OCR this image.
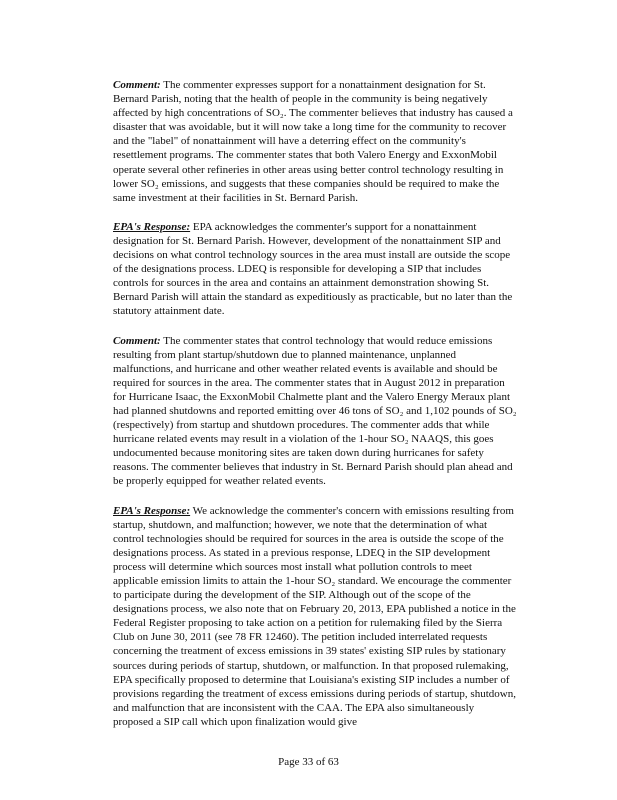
Comment: The commenter expresses support for a nonattainment designation for St. Bernard Parish, noting that the health of people in the community is being negatively affected by high concentrations of SO₂. The commenter believes that industry has caused a disaster that was avoidable, but it will now take a long time for the community to recover and the "label" of nonattainment will have a deterring effect on the community's resettlement programs. The commenter states that both Valero Energy and ExxonMobil operate several other refineries in other areas using better control technology resulting in lower SO₂ emissions, and suggests that these companies should be required to make the same investment at their facilities in St. Bernard Parish.

EPA's Response: EPA acknowledges the commenter's support for a nonattainment designation for St. Bernard Parish. However, development of the nonattainment SIP and decisions on what control technology sources in the area must install are outside the scope of the designations process. LDEQ is responsible for developing a SIP that includes controls for sources in the area and contains an attainment demonstration showing St. Bernard Parish will attain the standard as expeditiously as practicable, but no later than the statutory attainment date.

Comment: The commenter states that control technology that would reduce emissions resulting from plant startup/shutdown due to planned maintenance, unplanned malfunctions, and hurricane and other weather related events is available and should be required for sources in the area. The commenter states that in August 2012 in preparation for Hurricane Isaac, the ExxonMobil Chalmette plant and the Valero Energy Meraux plant had planned shutdowns and reported emitting over 46 tons of SO₂ and 1,102 pounds of SO₂ (respectively) from startup and shutdown procedures. The commenter adds that while hurricane related events may result in a violation of the 1-hour SO₂ NAAQS, this goes undocumented because monitoring sites are taken down during hurricanes for safety reasons. The commenter believes that industry in St. Bernard Parish should plan ahead and be properly equipped for weather related events.

EPA's Response: We acknowledge the commenter's concern with emissions resulting from startup, shutdown, and malfunction; however, we note that the determination of what control technologies should be required for sources in the area is outside the scope of the designations process. As stated in a previous response, LDEQ in the SIP development process will determine which sources most install what pollution controls to meet applicable emission limits to attain the 1-hour SO₂ standard. We encourage the commenter to participate during the development of the SIP. Although out of the scope of the designations process, we also note that on February 20, 2013, EPA published a notice in the Federal Register proposing to take action on a petition for rulemaking filed by the Sierra Club on June 30, 2011 (see 78 FR 12460). The petition included interrelated requests concerning the treatment of excess emissions in 39 states' existing SIP rules by stationary sources during periods of startup, shutdown, or malfunction. In that proposed rulemaking, EPA specifically proposed to determine that Louisiana's existing SIP includes a number of provisions regarding the treatment of excess emissions during periods of startup, shutdown, and malfunction that are inconsistent with the CAA. The EPA also simultaneously proposed a SIP call which upon finalization would give

Page 33 of 63
